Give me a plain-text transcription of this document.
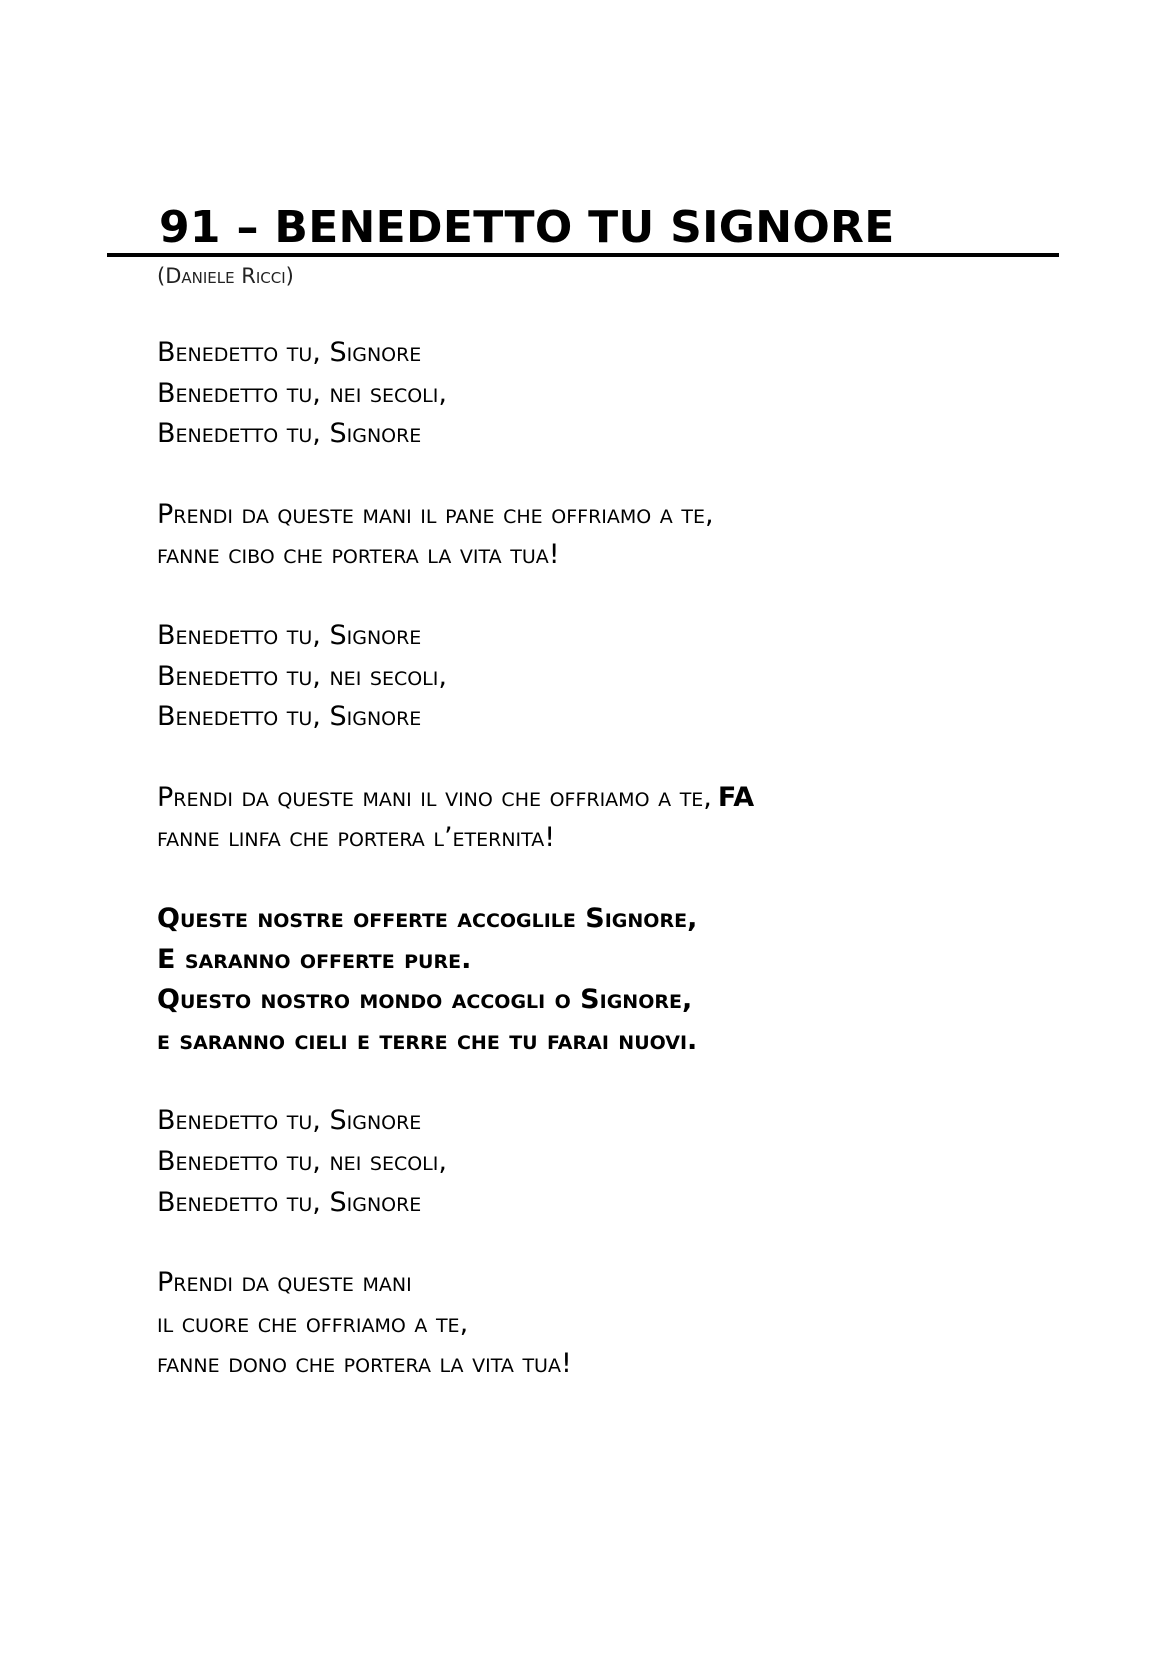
91 – BENEDETTO TU SIGNORE
(Daniele Ricci)
Benedetto tu, Signore
Benedetto tu, nei secoli,
Benedetto tu, Signore
Prendi da queste mani il pane che offriamo a te,
fanne cibo che portera la vita tua!
Benedetto tu, Signore
Benedetto tu, nei secoli,
Benedetto tu, Signore
Prendi da queste mani il vino che offriamo a te, FA
fanne linfa che portera l’eternita!
Queste nostre offerte accoglile Signore,
E saranno offerte pure.
Questo nostro mondo accogli o Signore,
e saranno cieli e terre che tu farai nuovi.
Benedetto tu, Signore
Benedetto tu, nei secoli,
Benedetto tu, Signore
Prendi da queste mani
il cuore che offriamo a te,
fanne dono che portera la vita tua!
